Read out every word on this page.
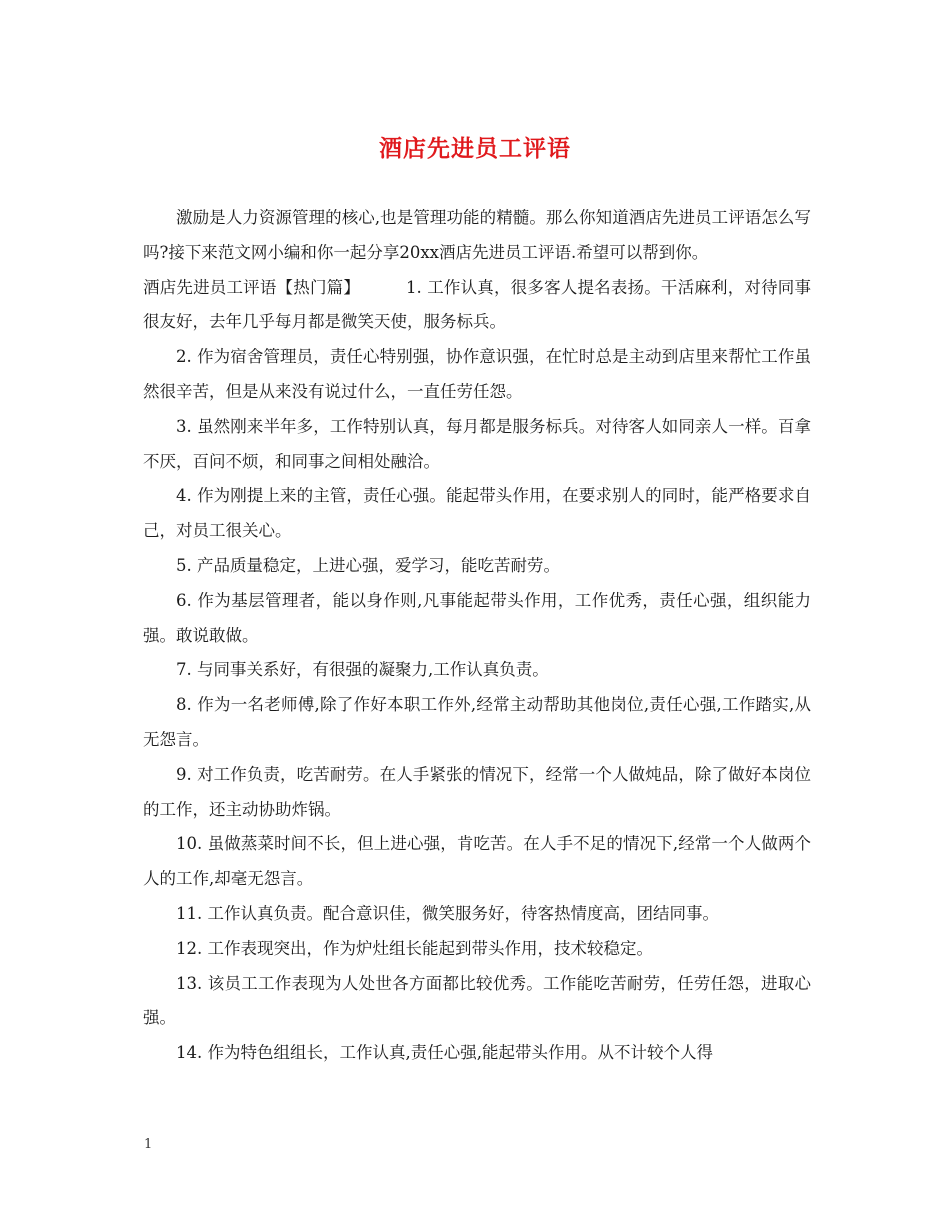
酒店先进员工评语

激励是人力资源管理的核心,也是管理功能的精髓。那么你知道酒店先进员工评语怎么写吗?接下来范文网小编和你一起分享20xx酒店先进员工评语.希望可以帮到你。

酒店先进员工评语【热门篇】	1. 工作认真，很多客人提名表扬。干活麻利，对待同事很友好，去年几乎每月都是微笑天使，服务标兵。

2. 作为宿舍管理员，责任心特别强，协作意识强，在忙时总是主动到店里来帮忙工作虽然很辛苦，但是从来没有说过什么，一直任劳任怨。

3. 虽然刚来半年多，工作特别认真，每月都是服务标兵。对待客人如同亲人一样。百拿不厌，百问不烦，和同事之间相处融洽。

4. 作为刚提上来的主管，责任心强。能起带头作用，在要求别人的同时，能严格要求自己，对员工很关心。

5. 产品质量稳定，上进心强，爱学习，能吃苦耐劳。

6. 作为基层管理者，能以身作则,凡事能起带头作用，工作优秀，责任心强，组织能力强。敢说敢做。

7. 与同事关系好，有很强的凝聚力,工作认真负责。

8. 作为一名老师傅,除了作好本职工作外,经常主动帮助其他岗位,责任心强,工作踏实,从无怨言。

9. 对工作负责，吃苦耐劳。在人手紧张的情况下，经常一个人做炖品，除了做好本岗位的工作，还主动协助炸锅。

10. 虽做蒸菜时间不长，但上进心强，肯吃苦。在人手不足的情况下,经常一个人做两个人的工作,却毫无怨言。

11. 工作认真负责。配合意识佳，微笑服务好，待客热情度高，团结同事。

12. 工作表现突出，作为炉灶组长能起到带头作用，技术较稳定。

13. 该员工工作表现为人处世各方面都比较优秀。工作能吃苦耐劳，任劳任怨，进取心强。

14. 作为特色组组长，工作认真,责任心强,能起带头作用。从不计较个人得

1
